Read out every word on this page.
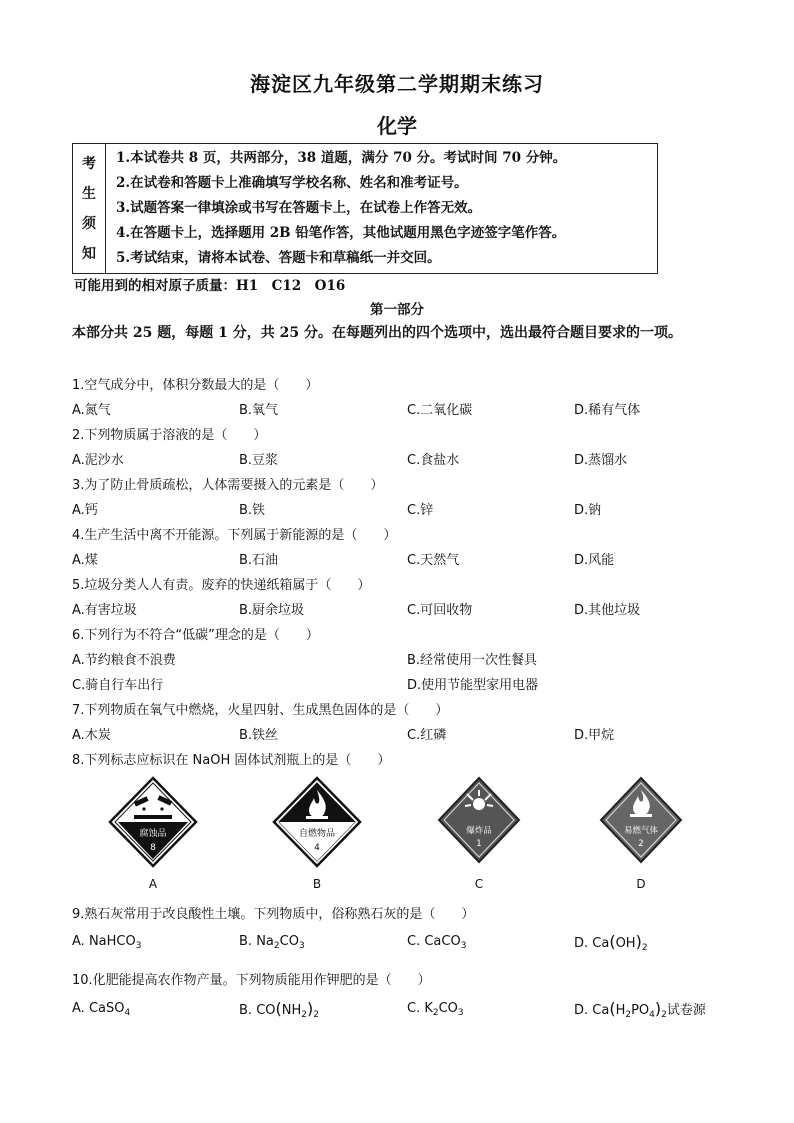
海淀区九年级第二学期期末练习
化学
考
生
须
知

1.本试卷共 8 页，共两部分，38 道题，满分 70 分。考试时间 70 分钟。
2.在试卷和答题卡上准确填写学校名称、姓名和准考证号。
3.试题答案一律填涂或书写在答题卡上，在试卷上作答无效。
4.在答题卡上，选择题用 2B 铅笔作答，其他试题用黑色字迹签字笔作答。
5.考试结束，请将本试卷、答题卡和草稿纸一并交回。
可能用到的相对原子质量：H1　C12　O16
第一部分
本部分共 25 题，每题 1 分，共 25 分。在每题列出的四个选项中，选出最符合题目要求的一项。
1.空气成分中，体积分数最大的是（　　）
A.氮气	B.氧气	C.二氧化碳	D.稀有气体
2.下列物质属于溶液的是（　　）
A.泥沙水	B.豆浆	C.食盐水	D.蒸馏水
3.为了防止骨质疏松，人体需要摄入的元素是（　　）
A.钙	B.铁	C.锌	D.钠
4.生产生活中离不开能源。下列属于新能源的是（　　）
A.煤	B.石油	C.天然气	D.风能
5.垃圾分类人人有责。废弃的快递纸箱属于（　　）
A.有害垃圾	B.厨余垃圾	C.可回收物	D.其他垃圾
6.下列行为不符合“低碳”理念的是（　　）
A.节约粮食不浪费	B.经常使用一次性餐具
C.骑自行车出行	D.使用节能型家用电器
7.下列物质在氧气中燃烧，火星四射、生成黑色固体的是（　　）
A.木炭	B.铁丝	C.红磷	D.甲烷
8.下列标志应标识在 NaOH 固体试剂瓶上的是（　　）
腐蚀品
8
自燃物品
4
爆炸品
1
易燃气体
2
A	B	C	D
9.熟石灰常用于改良酸性土壤。下列物质中，俗称熟石灰的是（　　）
A. NaHCO$_3$	B. $Na_2CO_3$	C. CaCO$_3$	D. $Ca(OH)_2$
10.化肥能提高农作物产量。下列物质能用作钾肥的是（　　）
A. CaSO$_4$	B. $CO(NH_2)_2$	C. $K_2CO_3$	D. $Ca(H_2PO_4)_2$试卷源
